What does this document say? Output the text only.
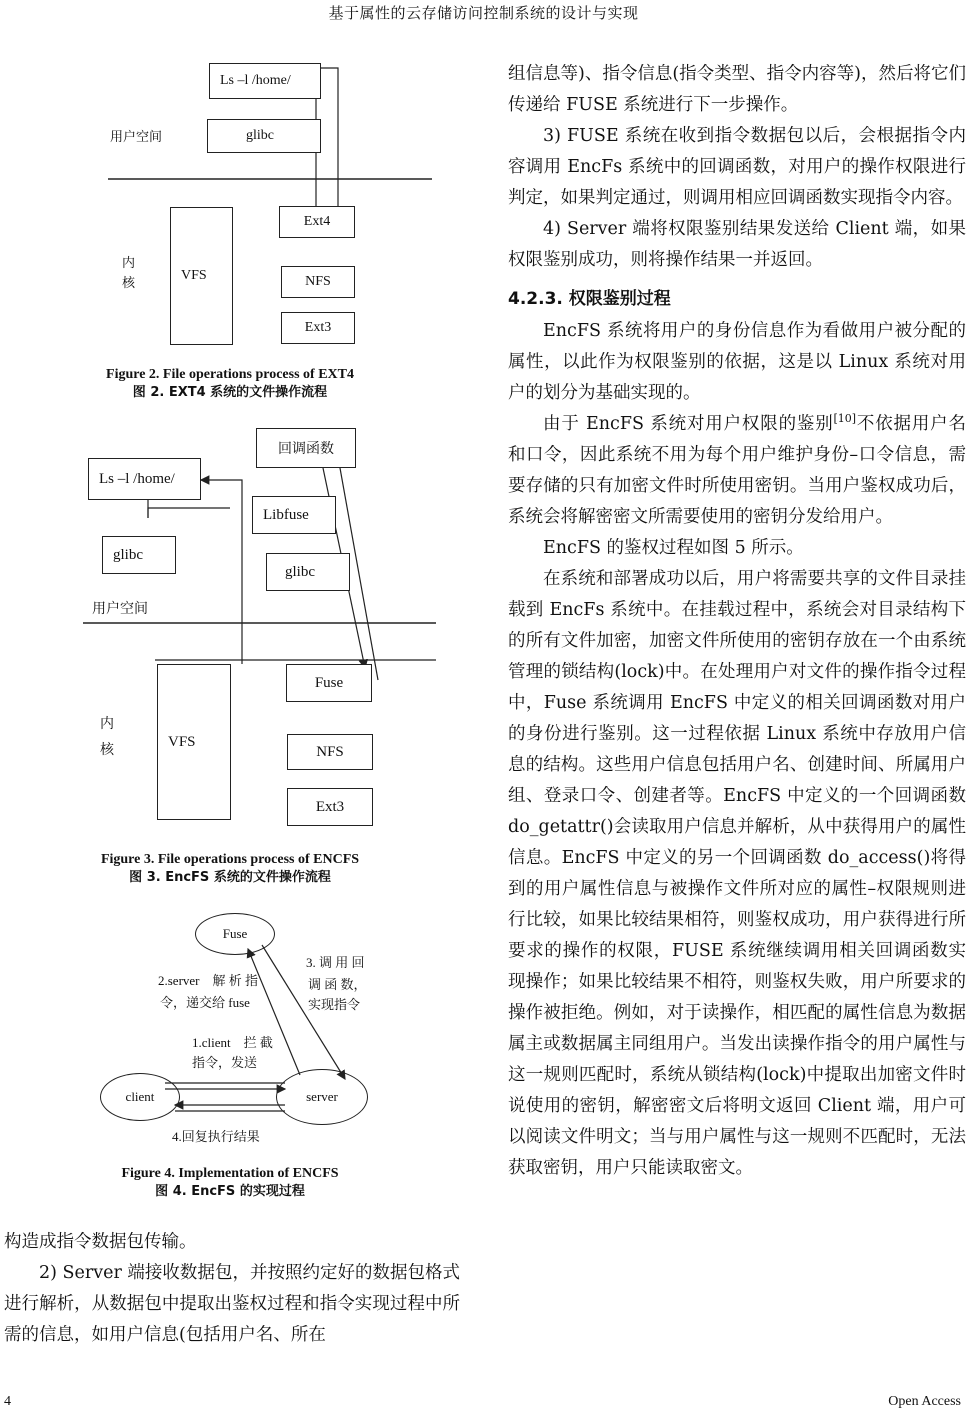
基于属性的云存储访问控制系统的设计与实现
Ls –l /home/
用户空间	glibc
Ext4
内
核	VFS	NFS
Ext3
Figure 2. File operations process of EXT4
图 2. EXT4 系统的文件操作流程
回调函数
Ls –l /home/
Libfuse
glibc
glibc
用户空间
Fuse
内
核
VFS
NFS
Ext3
Figure 3. File operations process of ENCFS
图 3. EncFS 系统的文件操作流程
Fuse
3. 调 用 回
调 函 数，
实现指令
2.server　解 析 指
令，递交给 fuse
1.client　拦 截
指令，发送
client	server
4.回复执行结果
Figure 4. Implementation of ENCFS
图 4. EncFS 的实现过程

构造成指令数据包传输。

2) Server 端接收数据包，并按照约定好的数据包格式进行解析，从数据包中提取出鉴权过程和指令实现过程中所需的信息，如用户信息(包括用户名、所在

组信息等)、指令信息(指令类型、指令内容等)，然后将它们传递给 FUSE 系统进行下一步操作。

3) FUSE 系统在收到指令数据包以后，会根据指令内容调用 EncFs 系统中的回调函数，对用户的操作权限进行判定，如果判定通过，则调用相应回调函数实现指令内容。

4) Server 端将权限鉴别结果发送给 Client 端，如果权限鉴别成功，则将操作结果一并返回。

4.2.3. 权限鉴别过程

EncFS 系统将用户的身份信息作为看做用户被分配的属性，以此作为权限鉴别的依据，这是以 Linux 系统对用户的划分为基础实现的。

由于 EncFS 系统对用户权限的鉴别[10]不依据用户名和口令，因此系统不用为每个用户维护身份–口令信息，需要存储的只有加密文件时所使用密钥。当用户鉴权成功后，系统会将解密密文所需要使用的密钥分发给用户。

EncFS 的鉴权过程如图 5 所示。

在系统和部署成功以后，用户将需要共享的文件目录挂载到 EncFs 系统中。在挂载过程中，系统会对目录结构下的所有文件加密，加密文件所使用的密钥存放在一个由系统管理的锁结构(lock)中。在处理用户对文件的操作指令过程中，Fuse 系统调用 EncFS 中定义的相关回调函数对用户的身份进行鉴别。这一过程依据 Linux 系统中存放用户信息的结构。这些用户信息包括用户名、创建时间、所属用户组、登录口令、创建者等。EncFS 中定义的一个回调函数 do_getattr()会读取用户信息并解析，从中获得用户的属性信息。EncFS 中定义的另一个回调函数 do_access()将得到的用户属性信息与被操作文件所对应的属性–权限规则进行比较，如果比较结果相符，则鉴权成功，用户获得进行所要求的操作的权限，FUSE 系统继续调用相关回调函数实现操作；如果比较结果不相符，则鉴权失败，用户所要求的操作被拒绝。例如，对于读操作，相匹配的属性信息为数据属主或数据属主同组用户。当发出读操作指令的用户属性与这一规则匹配时，系统从锁结构(lock)中提取出加密文件时说使用的密钥，解密密文后将明文返回 Client 端，用户可以阅读文件明文；当与用户属性与这一规则不匹配时，无法获取密钥，用户只能读取密文。

4	Open Access
